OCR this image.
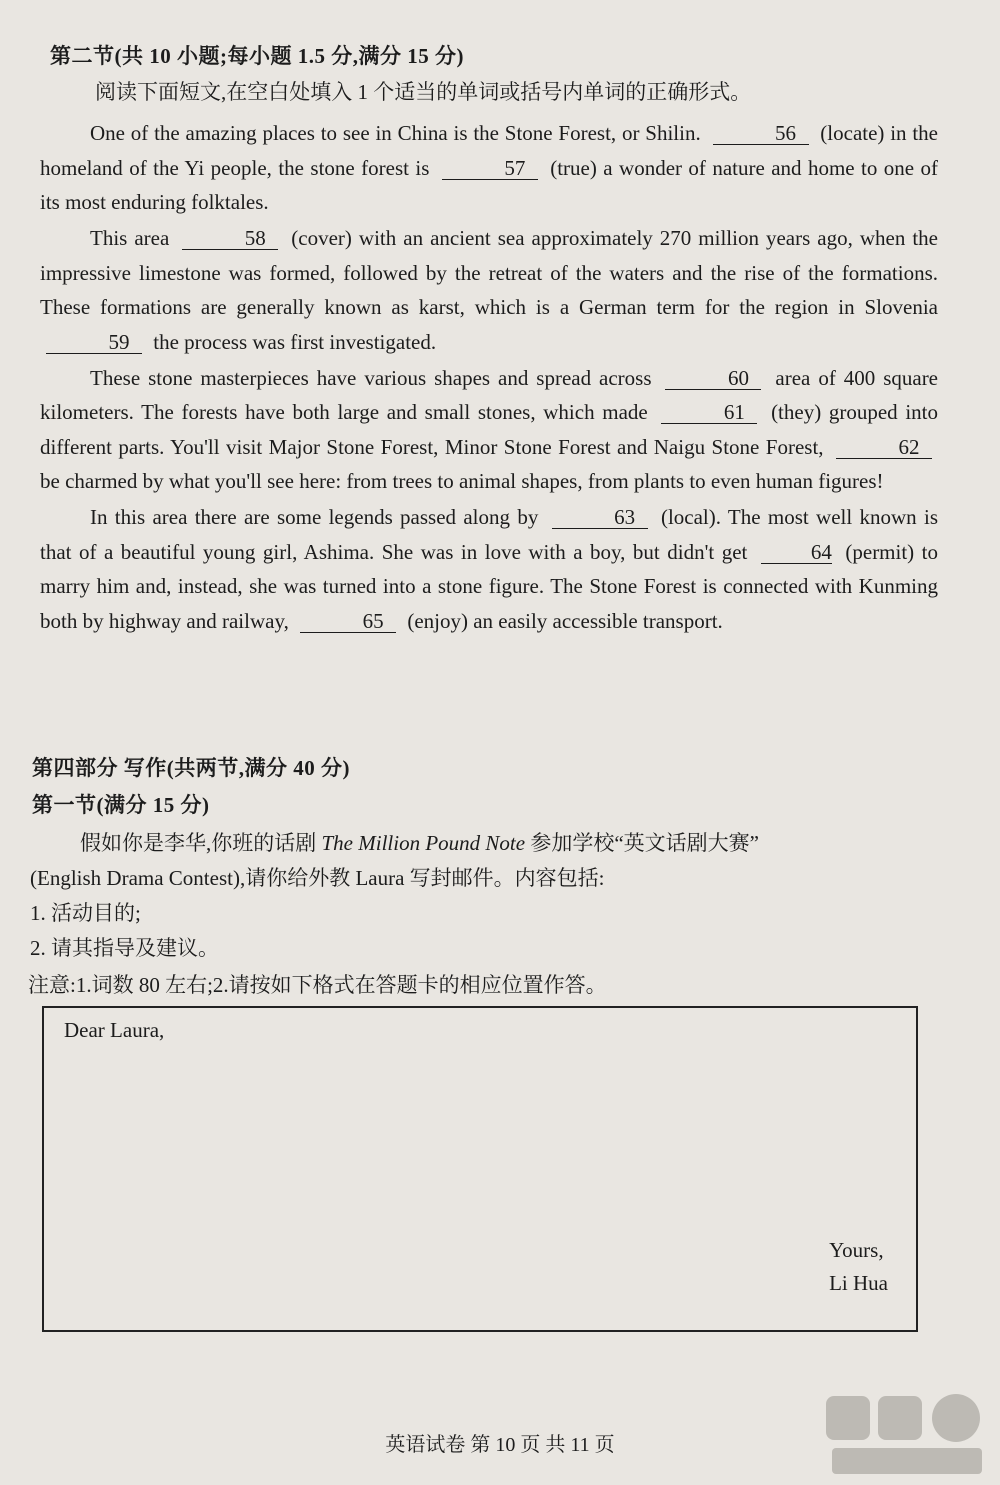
第二节(共 10 小题;每小题 1.5 分,满分 15 分)
阅读下面短文,在空白处填入 1 个适当的单词或括号内单词的正确形式。

One of the amazing places to see in China is the Stone Forest, or Shilin.	56 (locate) in the homeland of the Yi people, the stone forest is	57 (true) a wonder of nature and home to one of its most enduring folktales.

This area	58 (cover) with an ancient sea approximately 270 million years ago, when the impressive limestone was formed, followed by the retreat of the waters and the rise of the formations. These formations are generally known as karst, which is a German term for the region in Slovenia 59 the process was first investigated.

These stone masterpieces have various shapes and spread across	60 area of 400 square kilometers. The forests have both large and small stones, which made	61 (they) grouped into different parts. You'll visit Major Stone Forest, Minor Stone Forest and Naigu Stone Forest,	62 be charmed by what you'll see here: from trees to animal shapes, from plants to even human figures!

In this area there are some legends passed along by	63 (local). The most well known is that of a beautiful young girl, Ashima. She was in love with a boy, but didn't get	64 (permit) to marry him and, instead, she was turned into a stone figure. The Stone Forest is connected with Kunming both by highway and railway,	65 (enjoy) an easily accessible transport.

第四部分 写作(共两节,满分 40 分)
第一节(满分 15 分)
假如你是李华,你班的话剧 The Million Pound Note 参加学校“英文话剧大赛”
(English Drama Contest),请你给外教 Laura 写封邮件。内容包括:
1. 活动目的;
2. 请其指导及建议。
注意:1.词数 80 左右;2.请按如下格式在答题卡的相应位置作答。
Dear Laura,
Yours,
Li Hua
英语试卷 第 10 页 共 11 页
